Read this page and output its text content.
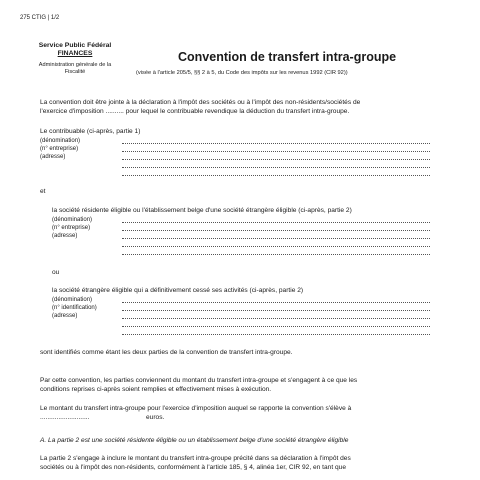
275 CTIG | 1/2
Service Public Fédéral
FINANCES
Administration générale de la
Fiscalité
Convention de transfert intra-groupe
(visée à l'article 205/5, §§ 2 à 5, du Code des impôts sur les revenus 1992 (CIR 92))
La convention doit être jointe à la déclaration à l'impôt des sociétés ou à l'impôt des non-résidents/sociétés de
l'exercice d'imposition .......... pour lequel le contribuable revendique la déduction du transfert intra-groupe.
Le contribuable (ci-après, partie 1)
(dénomination)
(n° entreprise)
(adresse)
et
la société résidente éligible ou l'établissement belge d'une société étrangère éligible (ci-après, partie 2)
(dénomination)
(n° entreprise)
(adresse)
ou
la société étrangère éligible qui a définitivement cessé ses activités (ci-après, partie 2)
(dénomination)
(n° identification)
(adresse)
sont identifiés comme étant les deux parties de la convention de transfert intra-groupe.
Par cette convention, les parties conviennent du montant du transfert intra-groupe et s'engagent à ce que les
conditions reprises ci-après soient remplies et effectivement mises à exécution.
Le montant du transfert intra-groupe pour l'exercice d'imposition auquel se rapporte la convention s'élève à
...........................	euros.
A. La partie 2 est une société résidente éligible ou un établissement belge d'une société étrangère éligible
La partie 2 s'engage à inclure le montant du transfert intra-groupe précité dans sa déclaration à l'impôt des
sociétés ou à l'impôt des non-résidents, conformément à l'article 185, § 4, alinéa 1er, CIR 92, en tant que
